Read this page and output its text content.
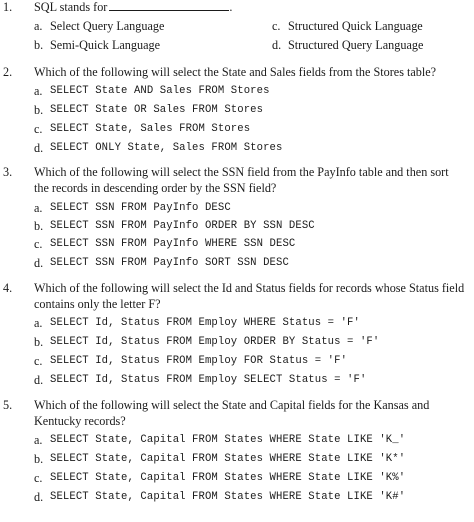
1. SQL stands for	.
a. Select Query Language	c. Structured Quick Language
b. Semi-Quick Language	d. Structured Query Language
2. Which of the following will select the State and Sales fields from the Stores table?
a. SELECT State AND Sales FROM Stores
b. SELECT State OR Sales FROM Stores
c. SELECT State, Sales FROM Stores
d. SELECT ONLY State, Sales FROM Stores
3. Which of the following will select the SSN field from the PayInfo table and then sort the records in descending order by the SSN field?
a. SELECT SSN FROM PayInfo DESC
b. SELECT SSN FROM PayInfo ORDER BY SSN DESC
c. SELECT SSN FROM PayInfo WHERE SSN DESC
d. SELECT SSN FROM PayInfo SORT SSN DESC
4. Which of the following will select the Id and Status fields for records whose Status field contains only the letter F?
a. SELECT Id, Status FROM Employ WHERE Status = 'F'
b. SELECT Id, Status FROM Employ ORDER BY Status = 'F'
c. SELECT Id, Status FROM Employ FOR Status = 'F'
d. SELECT Id, Status FROM Employ SELECT Status = 'F'
5. Which of the following will select the State and Capital fields for the Kansas and Kentucky records?
a. SELECT State, Capital FROM States WHERE State LIKE 'K_'
b. SELECT State, Capital FROM States WHERE State LIKE 'K*'
c. SELECT State, Capital FROM States WHERE State LIKE 'K%'
d. SELECT State, Capital FROM States WHERE State LIKE 'K#'
